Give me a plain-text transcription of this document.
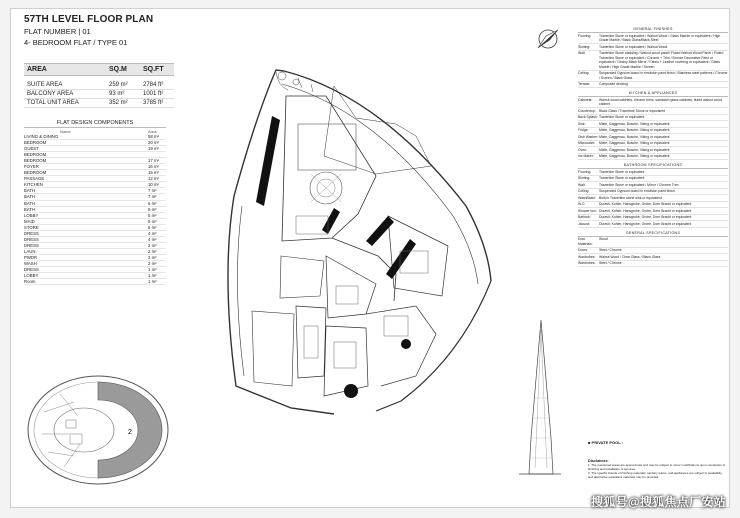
57TH LEVEL FLOOR PLAN
FLAT NUMBER | 01
4- BEDROOM FLAT / TYPE 01
AREA	SQ.M	SQ.FT

SUITE AREA	259 m²	2784 ft²
BALCONY AREA	93 m²	1001 ft²
TOTAL UNIT AREA	352 m²	3785 ft²
FLAT DESIGN COMPONENTS
Name	Area
LIVING & DINING	58 m²
BEDROOM	20 m²
GUEST	19 m²
BEDROOM
BEDROOM	17 m²
FOYER	16 m²
BEDROOM	15 m²
PASSAGE	12 m²
KITCHEN	10 m²
BATH	7 m²
BATH	7 m²
BATH	6 m²
BATH	5 m²
LOBBY	5 m²
MAID	5 m²
STORE	5 m²
DRESS	4 m²
DRESS	4 m²
DRESS	2 m²
LAUN.	2 m²
PWDR	2 m²
WASH	2 m²
DRESS	1 m²
LOBBY	1 m²
Room	1 m²
2
GENERAL FINISHES
Flooring:	Travertine Stone or equivalent / Walnut Wood / Glass Marble or equivalent / High Grade Marble / Black Glass/Black Steel
Skirting:	Travertine Stone or equivalent / Walnut Wood
Wall:	Travertine Stone cladding / Walnut wood panel/ Fluted Walnut Wood Panel / Fluted Travertine Stone or equivalent / Chrome + Trim / Bronze Decorative Paint or equivalent / Glossy Black Mirror / Fabric + Leather covering or equivalent / Glass Marble / High Grade Marble / Screen
Ceiling:	Suspended Gypsum board in emulsion paint finish / Stainless steel patterns / Chrome / Screen / Black Glass
Terrace:	Composite decking
KITCHEN & APPLIANCES
Cabinets:	Walnut wood cabinets, chrome trims, sandwich glass cabinets, fluted walnut wood cabinet
Countertop: Black Glass / Travertine Stone or equivalent
Back Splash: Travertine Stone or equivalent
Sink:	Miele, Gaggenau, Bosche, Viking or equivalent
Fridge:	Miele, Gaggenau, Bosche, Viking or equivalent
Dish Washer: Miele, Gaggenau, Bosche, Viking or equivalent
Microwave:	Miele, Gaggenau, Bosche, Viking or equivalent
Oven:	Miele, Gaggenau, Bosche, Viking or equivalent
Ice Maker:	Miele, Gaggenau, Bosche, Viking or equivalent
BATHROOM SPECIFICATIONS
Flooring:	Travertine Stone or equivalent
Skirting:	Travertine Stone or equivalent
Wall:	Travertine Stone or equivalent / Mirror / Chrome Trim
Ceiling:	Suspended Gypsum board in emulsion paint finish
WashBasin: Built in Travertine stone sink or equivalent
W.C:	Duravit, Kohler, Hansgrohe, Grohe, Dorn Bracht or equivalent
Shower box: Duravit, Kohler, Hansgrohe, Grohe, Dorn Bracht or equivalent
Bathtub:	Duravit, Kohler, Hansgrohe, Grohe, Dorn Bracht or equivalent
Jacuzzi:	Duravit, Kohler, Hansgrohe, Grohe, Dorn Bracht or equivalent
GENERAL SPECIFICATIONS
Door Materials:
Wood
Doors:	Steel / Chrome
Wardrobes:	Walnut Wood / Clear Glass / Black Glass
Wardrobes:	Steel / Chrome
■ PRIVATE POOL :
Disclaimer:
1. The mentioned areas are approximate and may be subject to minor modifications upon completion of finishing and installation of services.
2. The specific brands of finishing materials, sanitary wares, and appliances are subject to availability, and alternative equivalent materials may be provided.
搜狐号@搜狐焦点厂安站
